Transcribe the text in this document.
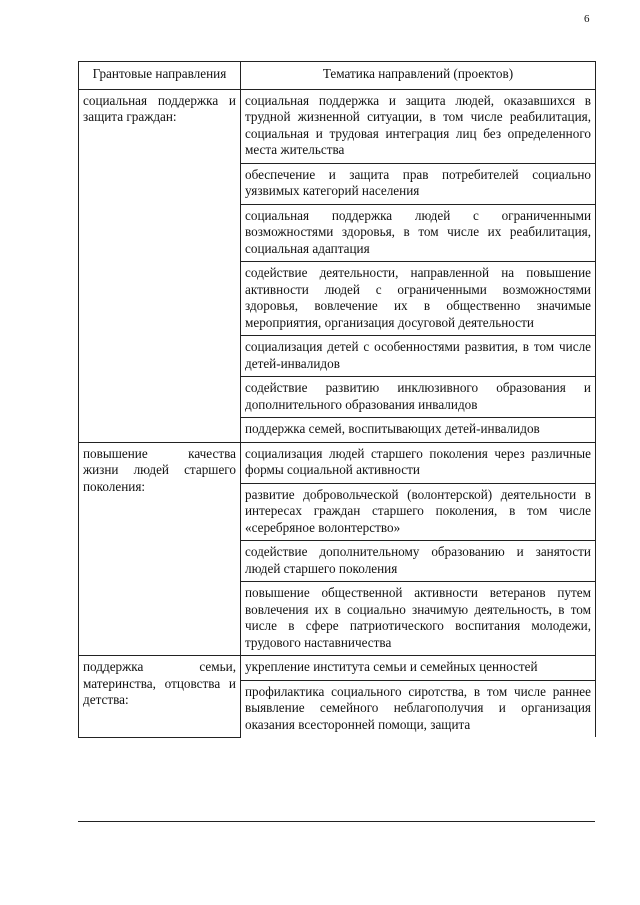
6
Грантовые направления	Тематика направлений (проектов)
социальная поддержка и защита граждан:	социальная поддержка и защита людей, оказавшихся в трудной жизненной ситуации, в том числе реабилитация, социальная и трудовая интеграция лиц без определенного места жительства
	обеспечение и защита прав потребителей социально уязвимых категорий населения
	социальная поддержка людей с ограниченными возможностями здоровья, в том числе их реабилитация, социальная адаптация
	содействие деятельности, направленной на повышение активности людей с ограниченными возможностями здоровья, вовлечение их в общественно значимые мероприятия, организация досуговой деятельности
	социализация детей с особенностями развития, в том числе детей-инвалидов
	содействие развитию инклюзивного образования и дополнительного образования инвалидов
	поддержка семей, воспитывающих детей-инвалидов
повышение качества жизни людей старшего поколения:	социализация людей старшего поколения через различные формы социальной активности
	развитие добровольческой (волонтерской) деятельности в интересах граждан старшего поколения, в том числе «серебряное волонтерство»
	содействие дополнительному образованию и занятости людей старшего поколения
	повышение общественной активности ветеранов путем вовлечения их в социально значимую деятельность, в том числе в сфере патриотического воспитания молодежи, трудового наставничества
поддержка семьи, материнства, отцовства и детства:	укрепление института семьи и семейных ценностей
	профилактика социального сиротства, в том числе раннее выявление семейного неблагополучия и организация оказания всесторонней помощи, защита
